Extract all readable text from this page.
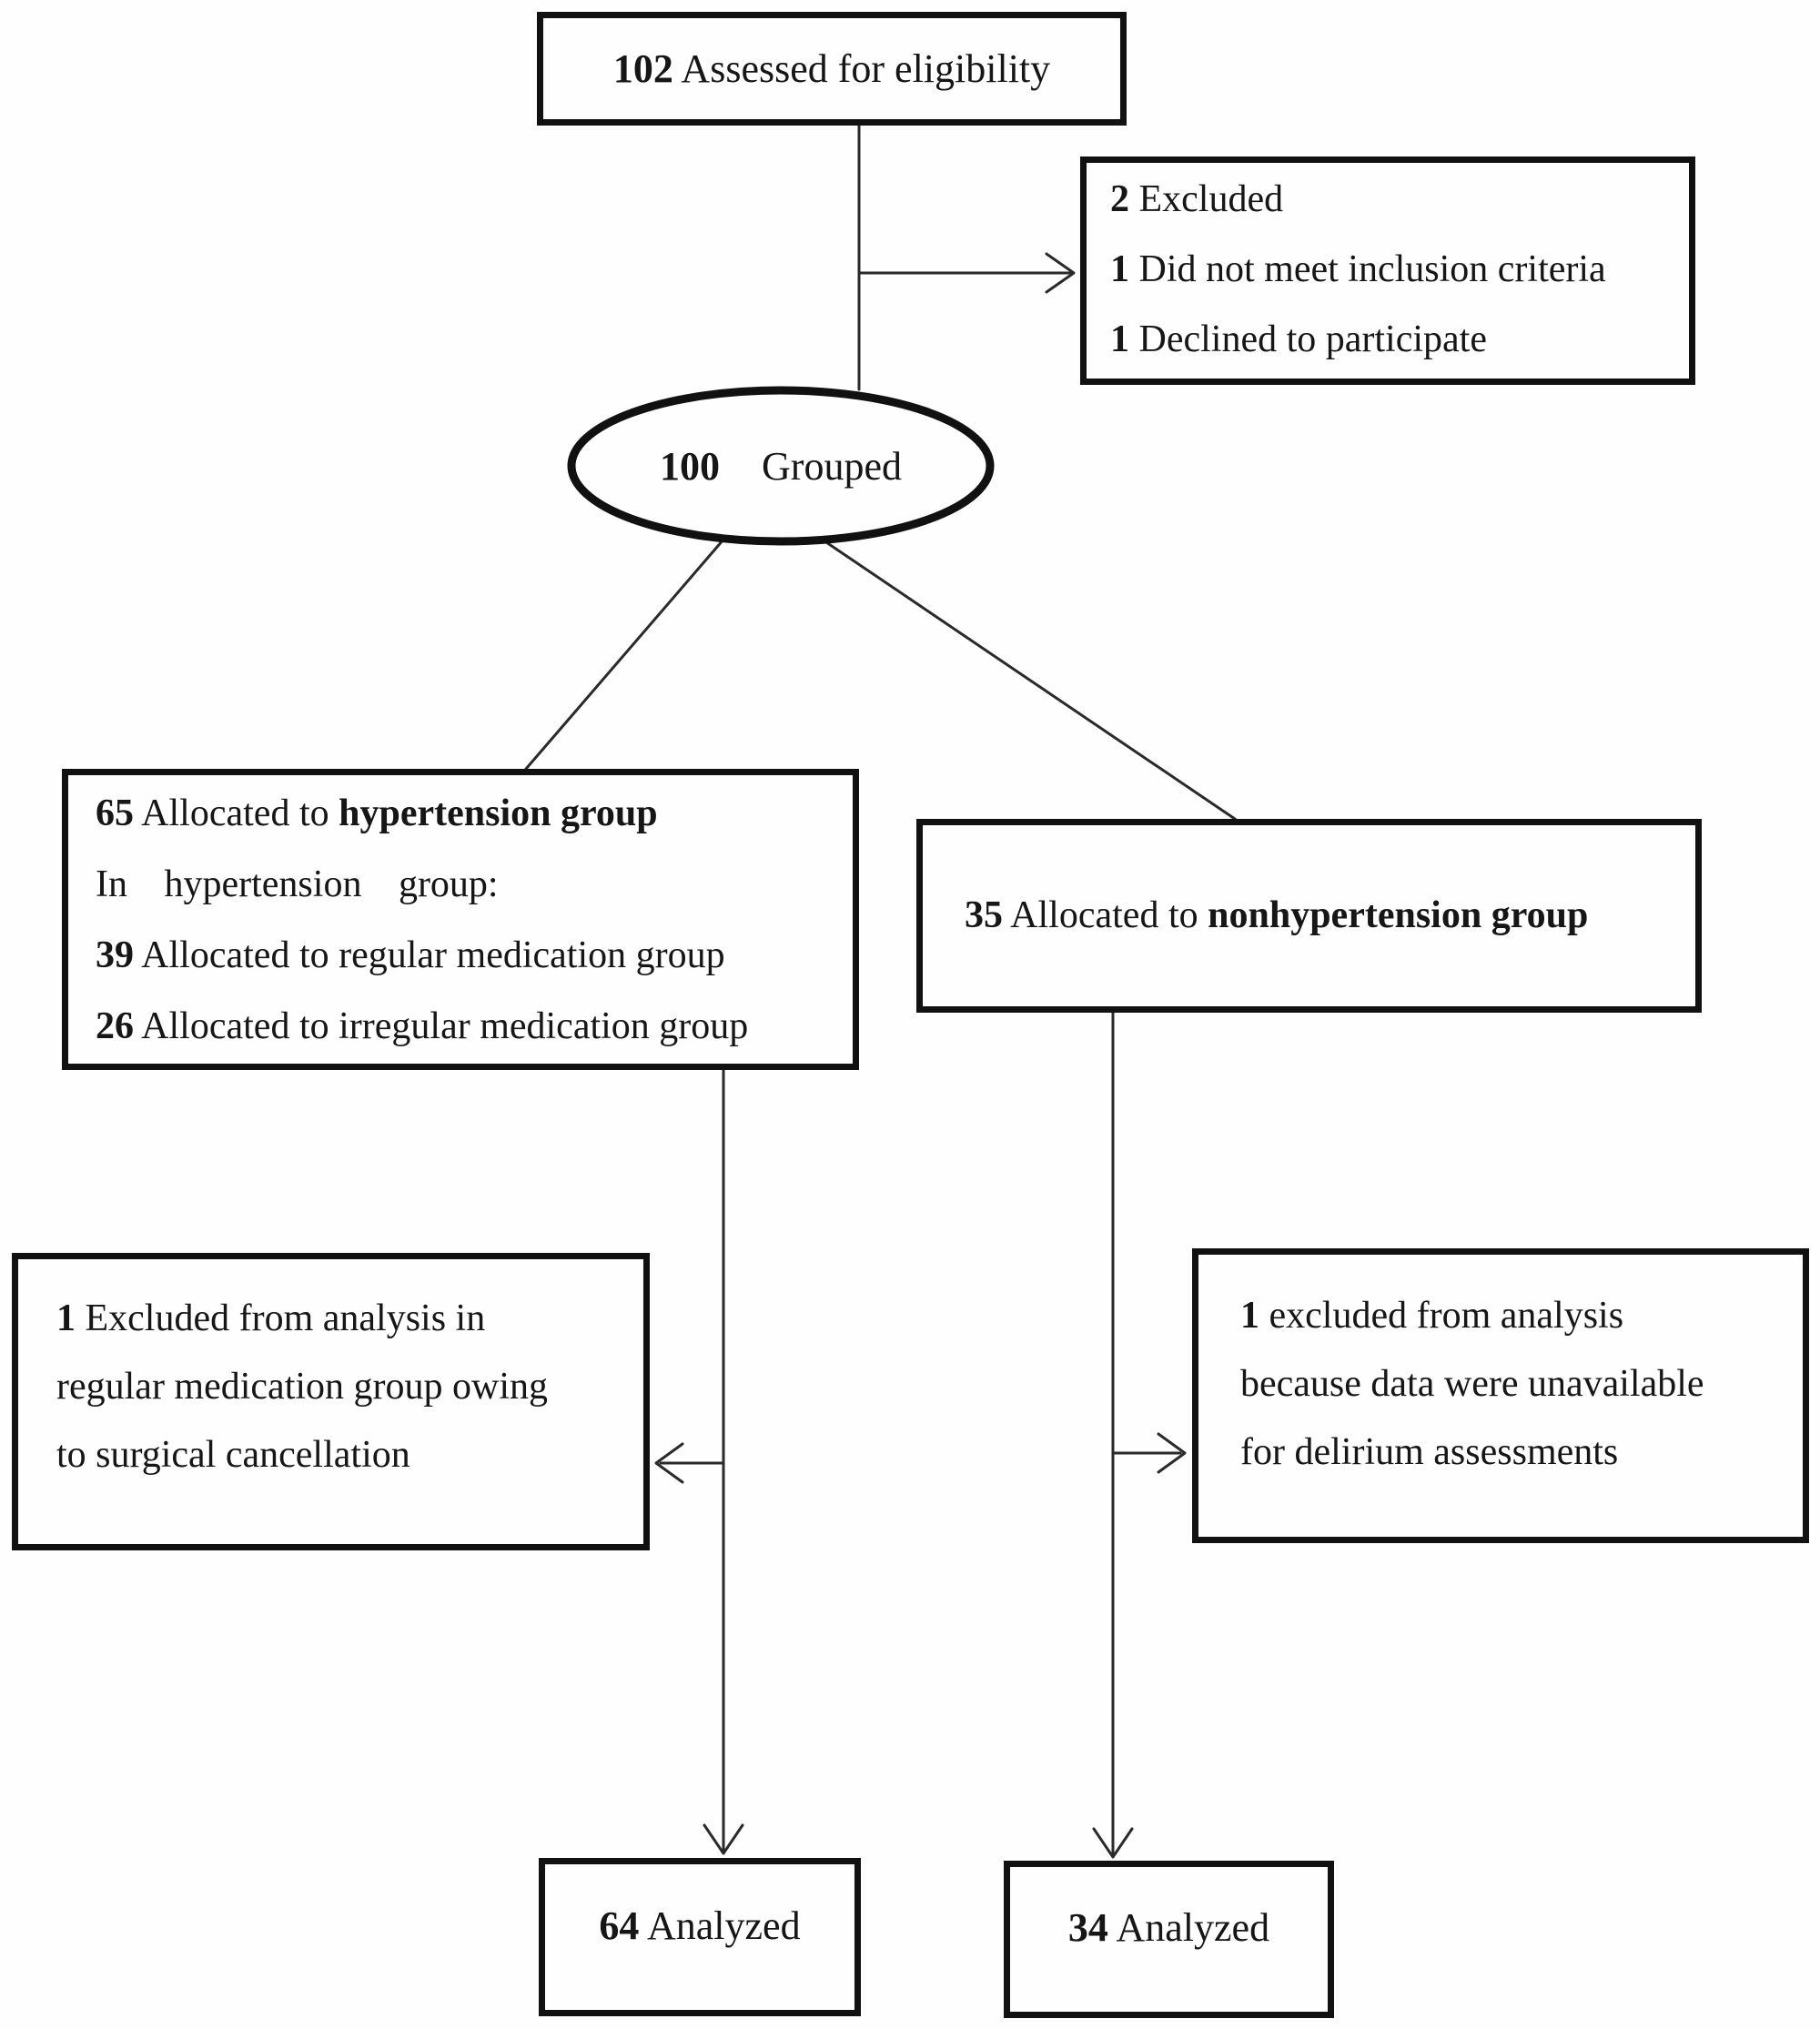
102 Assessed for eligibility
2 Excluded
1 Did not meet inclusion criteria
1 Declined to participate
100 Grouped
65 Allocated to hypertension group
In hypertension group:
39 Allocated to regular medication group
26 Allocated to irregular medication group
35 Allocated to nonhypertension group
1 Excluded from analysis in
regular medication group owing
to surgical cancellation
1 excluded from analysis
because data were unavailable
for delirium assessments
64 Analyzed	34 Analyzed
